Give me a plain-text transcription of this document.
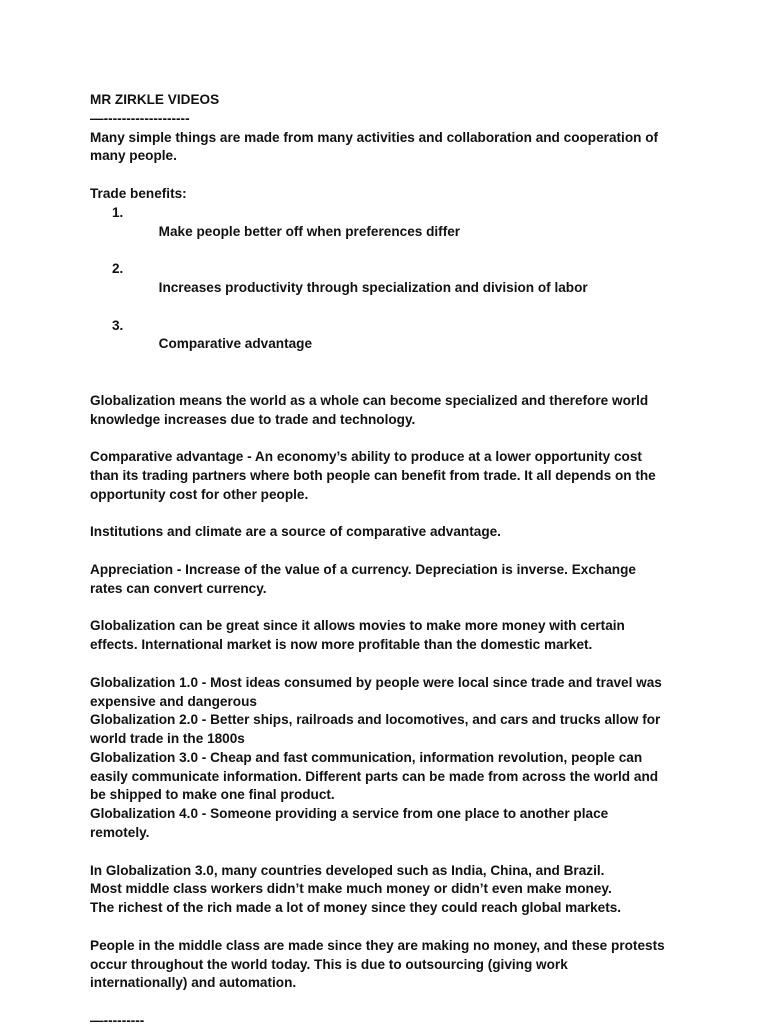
MR ZIRKLE VIDEOS
—-------------------
Many simple things are made from many activities and collaboration and cooperation of
many people.
Trade benefits:

1.
Make people better off when preferences differ

2.
Increases productivity through specialization and division of labor

3.
Comparative advantage

Globalization means the world as a whole can become specialized and therefore world
knowledge increases due to trade and technology.
Comparative advantage - An economy’s ability to produce at a lower opportunity cost
than its trading partners where both people can benefit from trade. It all depends on the
opportunity cost for other people.
Institutions and climate are a source of comparative advantage.
Appreciation - Increase of the value of a currency. Depreciation is inverse. Exchange
rates can convert currency.
Globalization can be great since it allows movies to make more money with certain
effects. International market is now more profitable than the domestic market.
Globalization 1.0 - Most ideas consumed by people were local since trade and travel was
expensive and dangerous
Globalization 2.0 - Better ships, railroads and locomotives, and cars and trucks allow for
world trade in the 1800s
Globalization 3.0 - Cheap and fast communication, information revolution, people can
easily communicate information. Different parts can be made from across the world and
be shipped to make one final product.
Globalization 4.0 - Someone providing a service from one place to another place
remotely.
In Globalization 3.0, many countries developed such as India, China, and Brazil.
Most middle class workers didn’t make much money or didn’t even make money.
The richest of the rich made a lot of money since they could reach global markets.
People in the middle class are made since they are making no money, and these protests
occur throughout the world today. This is due to outsourcing (giving work
internationally) and automation.
—---------
